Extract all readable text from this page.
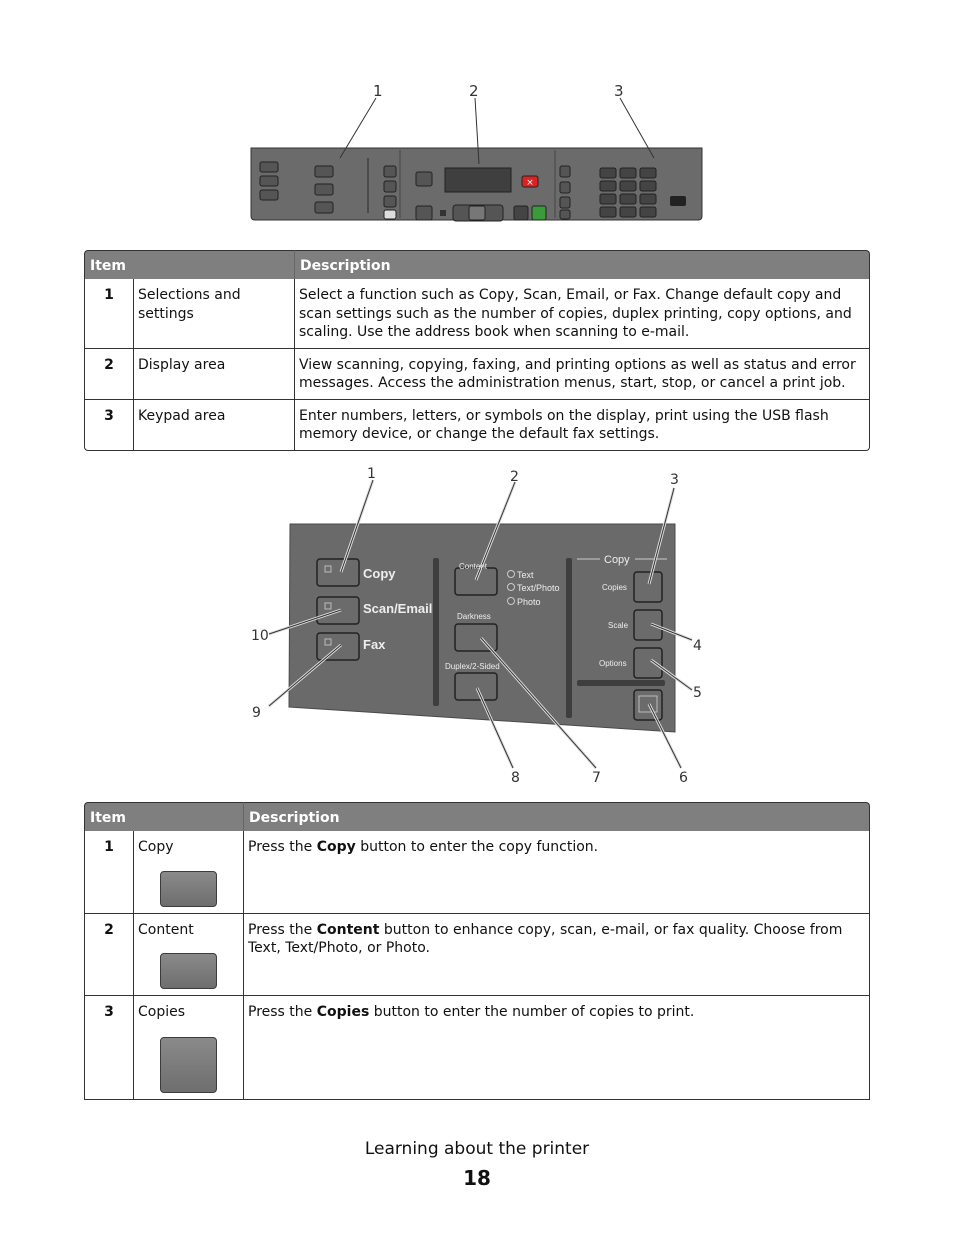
×
1	2	3
Item		Description
1	Selections and settings	Select a function such as Copy, Scan, Email, or Fax. Change default copy and scan settings such as the number of copies, duplex printing, copy options, and scaling. Use the address book when scanning to e-mail.
2	Display area	View scanning, copying, faxing, and printing options as well as status and error messages. Access the administration menus, start, stop, or cancel a print job.
3	Keypad area	Enter numbers, letters, or symbols on the display, print using the USB flash memory device, or change the default fax settings.
Copy
Scan/Email
Fax
Content
Text
Text/Photo
Photo
Darkness
Duplex/2-Sided
Copy
Copies
Scale
Options
1	2	3
4
5
6
7
8
9
10
Item		Description
1	Copy	Press the Copy button to enter the copy function.
2	Content	Press the Content button to enhance copy, scan, e-mail, or fax quality. Choose from Text, Text/Photo, or Photo.
3	Copies	Press the Copies button to enter the number of copies to print.
Learning about the printer
18
